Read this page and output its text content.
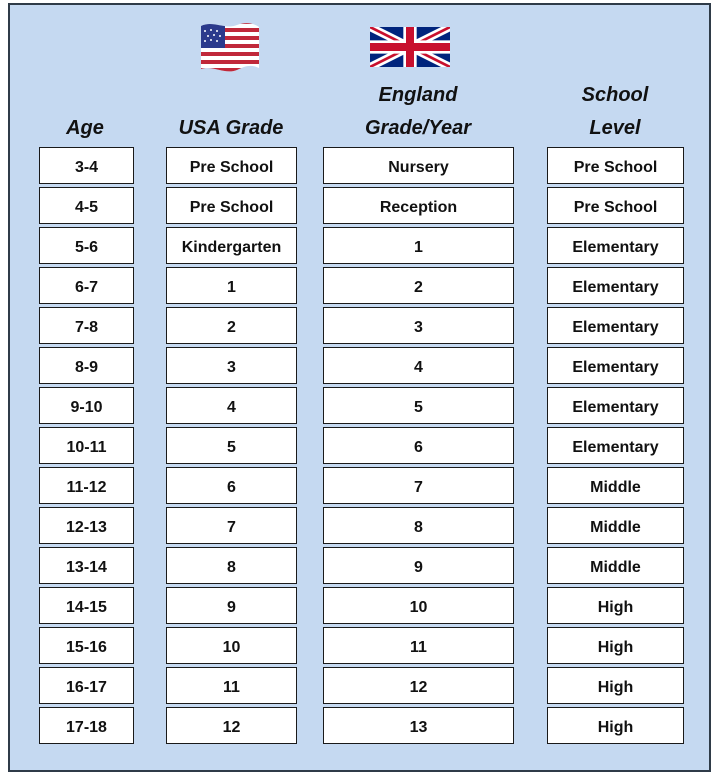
Age	USA Grade
England
Grade/Year
School
Level
3-4
4-5
5-6
6-7
7-8
8-9
9-10
10-11
11-12
12-13
13-14
14-15
15-16
16-17
17-18
Pre School
Pre School
Kindergarten
1
2
3
4
5
6
7
8
9
10
11
12
Nursery
Reception
1
2
3
4
5
6
7
8
9
10
11
12
13
Pre School
Pre School
Elementary
Elementary
Elementary
Elementary
Elementary
Elementary
Middle
Middle
Middle
High
High
High
High
